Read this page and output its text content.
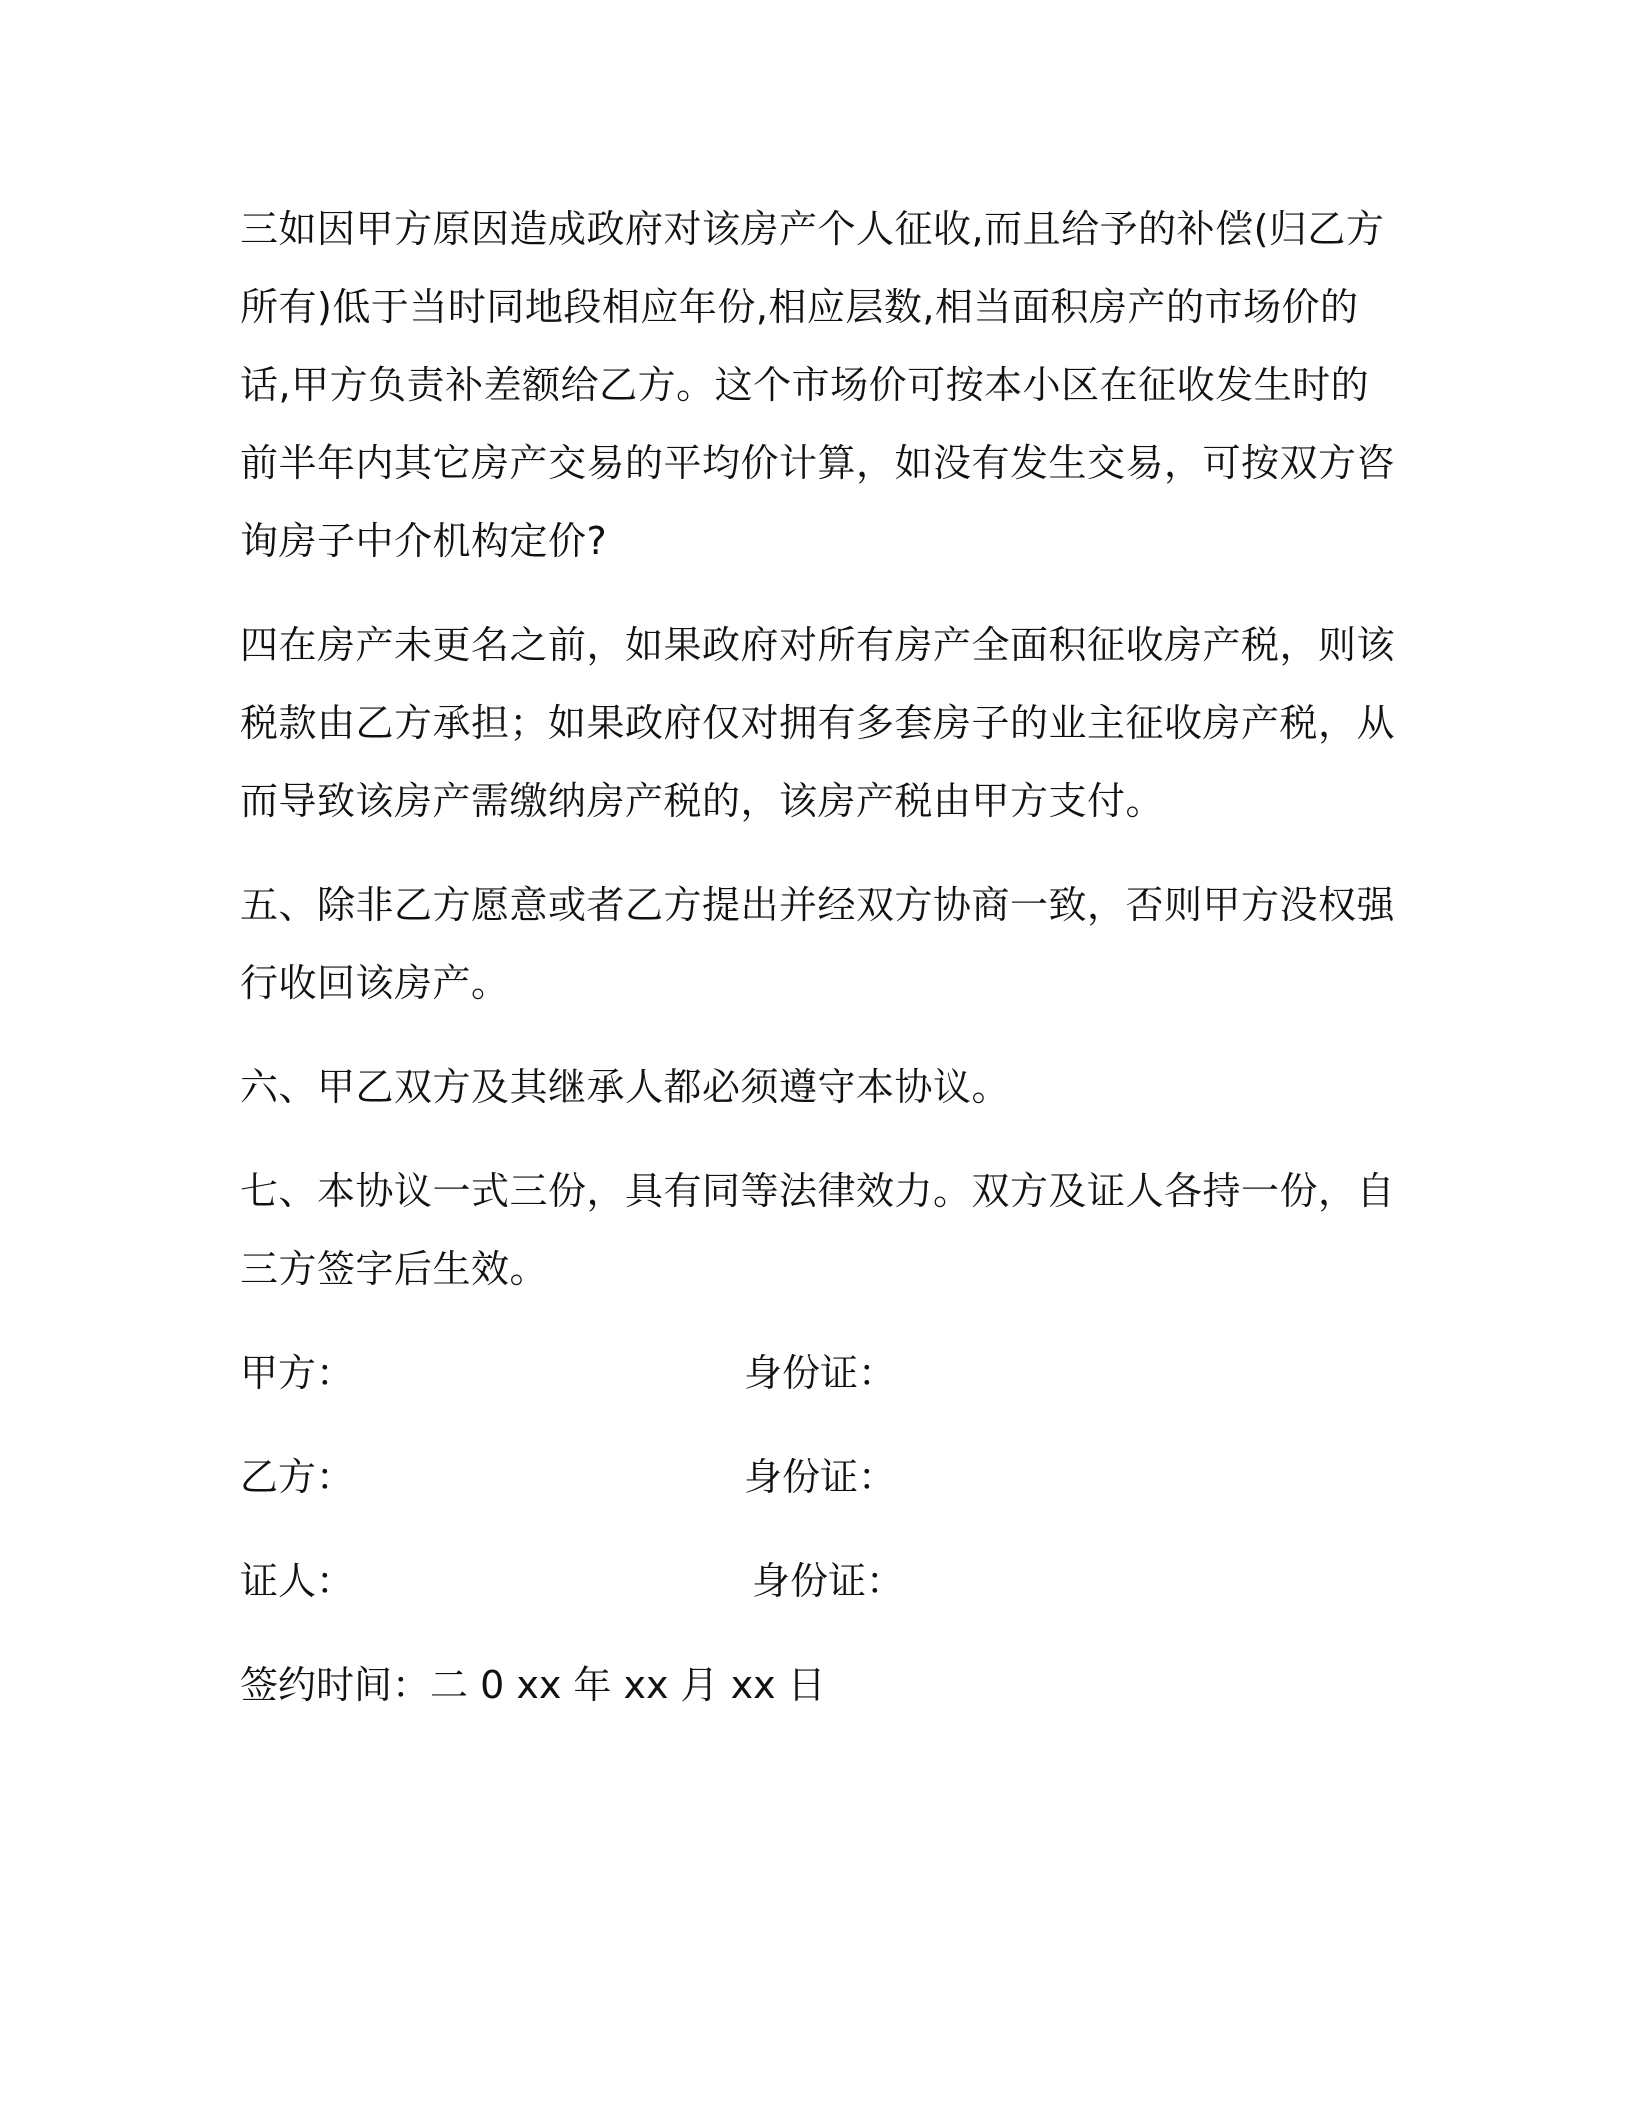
三如因甲方原因造成政府对该房产个人征收,而且给予的补偿(归乙方所有)低于当时同地段相应年份,相应层数,相当面积房产的市场价的话,甲方负责补差额给乙方。这个市场价可按本小区在征收发生时的前半年内其它房产交易的平均价计算，如没有发生交易，可按双方咨询房子中介机构定价?

四在房产未更名之前，如果政府对所有房产全面积征收房产税，则该税款由乙方承担；如果政府仅对拥有多套房子的业主征收房产税，从而导致该房产需缴纳房产税的，该房产税由甲方支付。

五、除非乙方愿意或者乙方提出并经双方协商一致，否则甲方没权强行收回该房产。

六、甲乙双方及其继承人都必须遵守本协议。

七、本协议一式三份，具有同等法律效力。双方及证人各持一份，自三方签字后生效。

甲方：	身份证：
乙方：	身份证：
证人：	身份证：

签约时间：二 0 xx 年 xx 月 xx 日
